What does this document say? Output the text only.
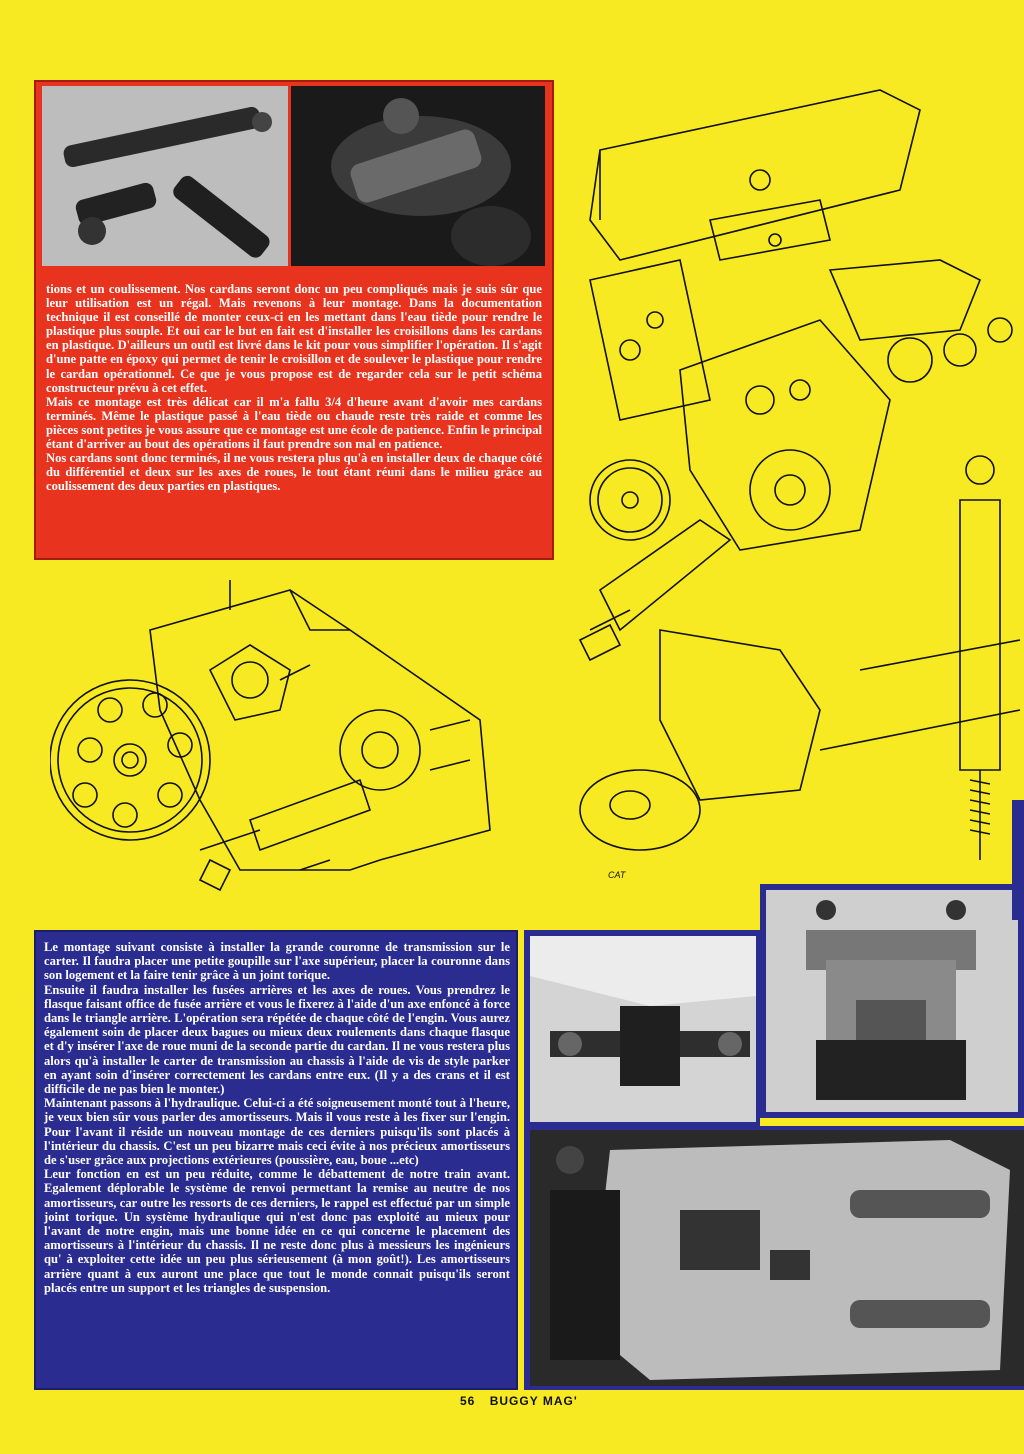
tions et un coulissement. Nos cardans seront donc un peu compliqués mais je suis sûr que leur utilisation est un régal. Mais revenons à leur montage. Dans la documentation technique il est conseillé de monter ceux-ci en les mettant dans l'eau tiède pour rendre le plastique plus souple. Et oui car le but en fait est d'installer les croisillons dans les cardans en plastique. D'ailleurs un outil est livré dans le kit pour vous simplifier l'opération. Il s'agit d'une patte en époxy qui permet de tenir le croisillon et de soulever le plastique pour rendre le cardan opérationnel. Ce que je vous propose est de regarder cela sur le petit schéma constructeur prévu à cet effet.

Mais ce montage est très délicat car il m'a fallu 3/4 d'heure avant d'avoir mes cardans terminés. Même le plastique passé à l'eau tiède ou chaude reste très raide et comme les pièces sont petites je vous assure que ce montage est une école de patience. Enfin le principal étant d'arriver au bout des opérations il faut prendre son mal en patience.

Nos cardans sont donc terminés, il ne vous restera plus qu'à en installer deux de chaque côté du différentiel et deux sur les axes de roues, le tout étant réuni dans le milieu grâce au coulissement des deux parties en plastiques.

CAT

Le montage suivant consiste à installer la grande couronne de transmission sur le carter. Il faudra placer une petite goupille sur l'axe supérieur, placer la couronne dans son logement et la faire tenir grâce à un joint torique.

Ensuite il faudra installer les fusées arrières et les axes de roues. Vous prendrez le flasque faisant office de fusée arrière et vous le fixerez à l'aide d'un axe enfoncé à force dans le triangle arrière. L'opération sera répétée de chaque côté de l'engin. Vous aurez également soin de placer deux bagues ou mieux deux roulements dans chaque flasque et d'y insérer l'axe de roue muni de la seconde partie du cardan. Il ne vous restera plus alors qu'à installer le carter de transmission au chassis à l'aide de vis de style parker en ayant soin d'insérer correctement les cardans entre eux. (Il y a des crans et il est difficile de ne pas bien le monter.)

Maintenant passons à l'hydraulique. Celui-ci a été soigneusement monté tout à l'heure, je veux bien sûr vous parler des amortisseurs. Mais il vous reste à les fixer sur l'engin. Pour l'avant il réside un nouveau montage de ces derniers puisqu'ils sont placés à l'intérieur du chassis. C'est un peu bizarre mais ceci évite à nos précieux amortisseurs de s'user grâce aux projections extérieures (poussière, eau, boue ...etc)

Leur fonction en est un peu réduite, comme le débattement de notre train avant. Egalement déplorable le système de renvoi permettant la remise au neutre de nos amortisseurs, car outre les ressorts de ces derniers, le rappel est effectué par un simple joint torique. Un système hydraulique qui n'est donc pas exploité au mieux pour l'avant de notre engin, mais une bonne idée en ce qui concerne le placement des amortisseurs à l'intérieur du chassis. Il ne reste donc plus à messieurs les ingénieurs qu' à exploiter cette idée un peu plus sérieusement (à mon goût!). Les amortisseurs arrière quant à eux auront une place que tout le monde connait puisqu'ils seront placés entre un support et les triangles de suspension.

56 BUGGY MAG'
